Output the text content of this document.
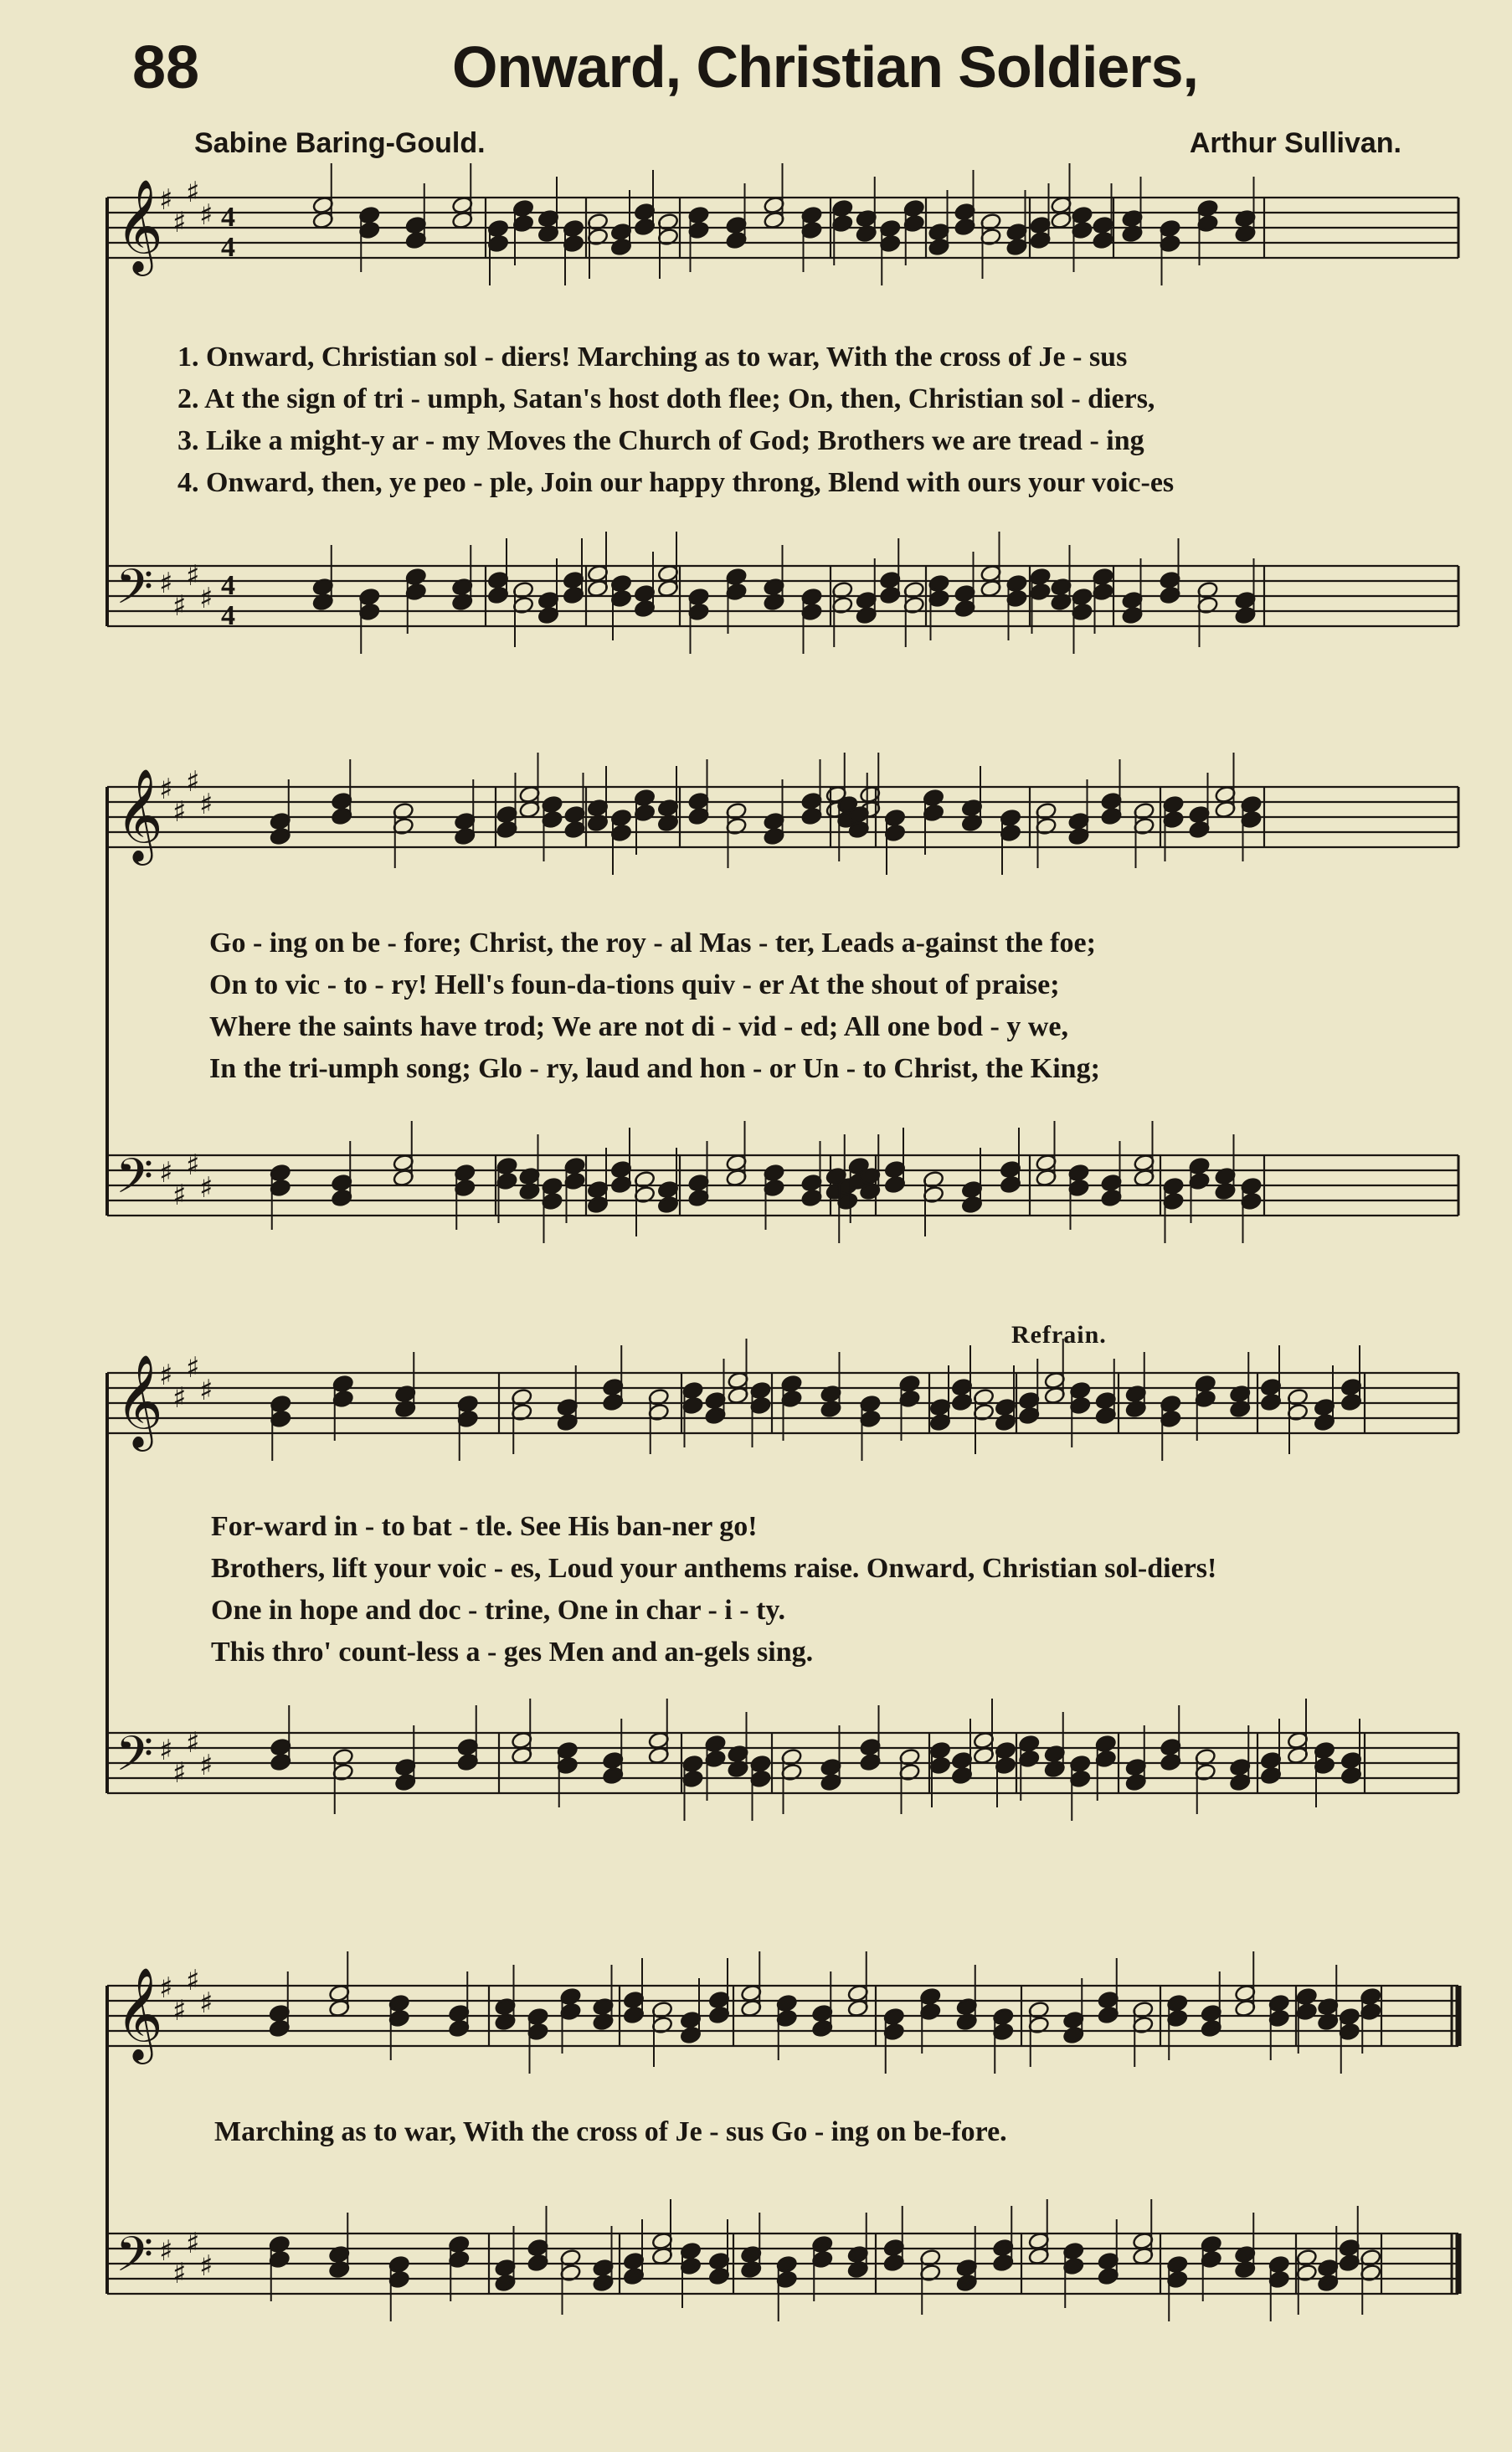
88	Onward, Christian Soldiers,
Sabine Baring-Gould.	Arthur Sullivan.
𝄞
♯
♯
♯
♯ 4
4
𝄢 ♯
♯
♯
♯ 4
4
𝄞
♯
♯
♯
♯
𝄢 ♯
♯
♯
♯
𝄞
♯
♯
♯
♯
𝄢 ♯
♯
♯
♯
𝄞
♯
♯
♯
♯
𝄢 ♯
♯
♯
♯
1. Onward, Christian sol - diers! Marching as to war, With the cross of Je - sus
2. At the sign of tri - umph, Satan's host doth flee; On, then, Christian sol - diers,
3. Like a might-y ar - my Moves the Church of God; Brothers we are tread - ing
4. Onward, then, ye peo - ple, Join our happy throng, Blend with ours your voic-es
Go - ing on be - fore; Christ, the roy - al Mas - ter, Leads a-gainst the foe;
On to vic - to - ry! Hell's foun-da-tions quiv - er At the shout of praise;
Where the saints have trod; We are not di - vid - ed; All one bod - y we,
In the tri-umph song; Glo - ry, laud and hon - or Un - to Christ, the King;
Refrain.
For-ward in - to bat - tle. See His ban-ner go!
Brothers, lift your voic - es, Loud your anthems raise. Onward, Christian sol-diers!
One in hope and doc - trine, One in char - i - ty.
This thro' count-less a - ges Men and an-gels sing.
Marching as to war, With the cross of Je - sus Go - ing on be-fore.
